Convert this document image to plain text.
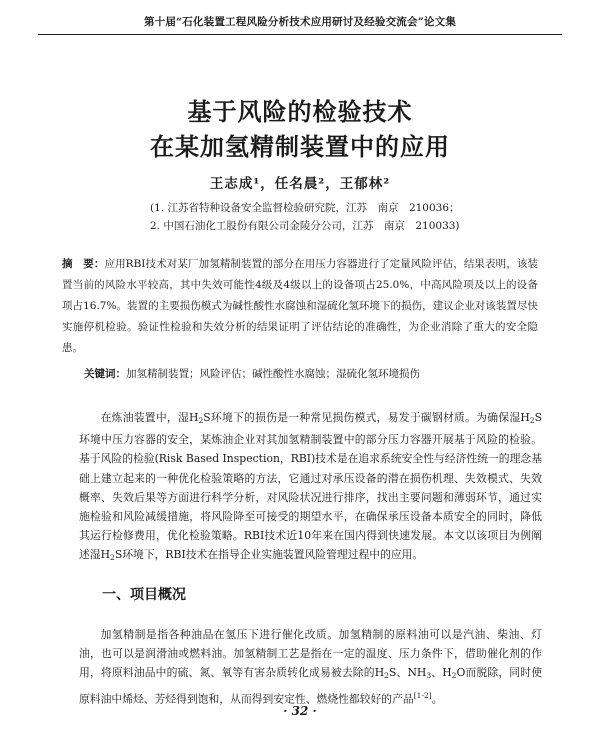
第十届“石化装置工程风险分析技术应用研讨及经验交流会”论文集
基于风险的检验技术
在某加氢精制装置中的应用
王志成¹，任名晨²，王郁林²
(1. 江苏省特种设备安全监督检验研究院，江苏　南京　210036；
2. 中国石油化工股份有限公司金陵分公司，江苏　南京　210033)
摘　要：应用RBI技术对某厂加氢精制装置的部分在用压力容器进行了定量风险评估，结果表明，该装置当前的风险水平较高，其中失效可能性4级及4级以上的设备项占25.0%，中高风险项及以上的设备项占16.7%。装置的主要损伤模式为碱性酸性水腐蚀和湿硫化氢环境下的损伤，建议企业对该装置尽快实施停机检验。验证性检验和失效分析的结果证明了评估结论的准确性，为企业消除了重大的安全隐患。
关键词：加氢精制装置；风险评估；碱性酸性水腐蚀；湿硫化氢环境损伤
在炼油装置中，湿$H_2S$环境下的损伤是一种常见损伤模式，易发于碳钢材质。为确保湿$H_2S$环境中压力容器的安全，某炼油企业对其加氢精制装置中的部分压力容器开展基于风险的检验。基于风险的检验(Risk Based Inspection，RBI)技术是在追求系统安全性与经济性统一的理念基础上建立起来的一种优化检验策略的方法，它通过对承压设备的潜在损伤机理、失效模式、失效概率、失效后果等方面进行科学分析，对风险状况进行排序，找出主要问题和薄弱环节，通过实施检验和风险减缓措施，将风险降至可接受的期望水平，在确保承压设备本质安全的同时，降低其运行检修费用，优化检验策略。RBI技术近10年来在国内得到快速发展。本文以该项目为例阐述湿$H_2S$环境下，RBI技术在指导企业实施装置风险管理过程中的应用。
一、项目概况
加氢精制是指各种油品在氢压下进行催化改质。加氢精制的原料油可以是汽油、柴油、灯油，也可以是润滑油或燃料油。加氢精制工艺是指在一定的温度、压力条件下，借助催化剂的作用，将原料油品中的硫、氮、氧等有害杂质转化成易被去除的$H_2S$、$NH_3$、$H_2O$而脱除，同时使原料油中烯烃、芳烃得到饱和，从而得到安定性、燃烧性都较好的产品[1-2]。
· 32 ·
